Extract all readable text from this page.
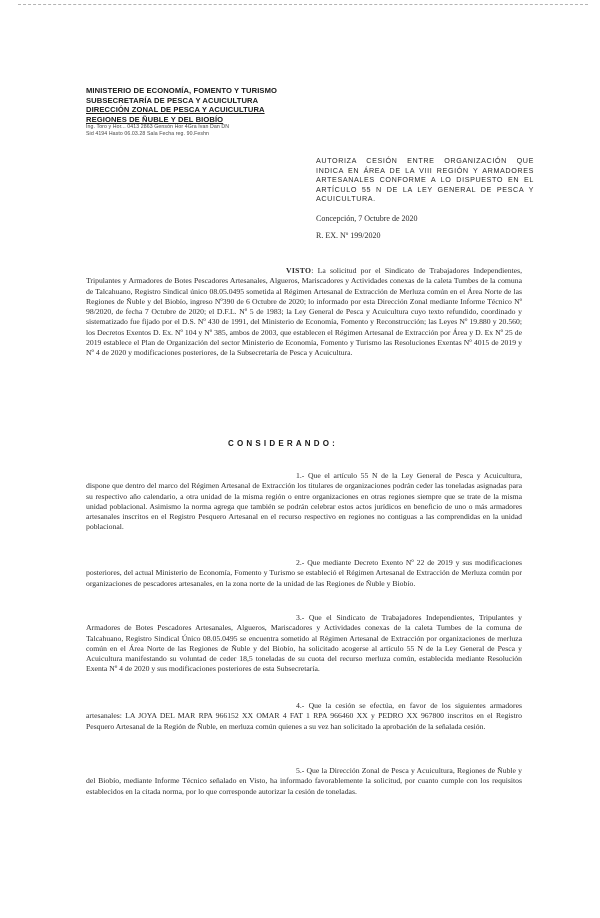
MINISTERIO DE ECONOMÍA, FOMENTO Y TURISMO
SUBSECRETARÍA DE PESCA Y ACUICULTURA
DIRECCIÓN ZONAL DE PESCA Y ACUICULTURA
REGIONES DE ÑUBLE Y DEL BIOBÍO
Ing. Toro y Hor... 0413 2863 Gensón Hor 4Gra Ivan Dan DN
Sid 4194 Hasto 06.03.28 Sala Fecha reg. 90.Feshn
AUTORIZA CESIÓN ENTRE ORGANIZACIÓN QUE INDICA EN ÁREA DE LA VIII REGIÓN Y ARMADORES ARTESANALES CONFORME A LO DISPUESTO EN EL ARTÍCULO 55 N DE LA LEY GENERAL DE PESCA Y ACUICULTURA.
Concepción, 7 Octubre de 2020
R. EX. Nº 199/2020
VISTO: La solicitud por el Sindicato de Trabajadores Independientes, Tripulantes y Armadores de Botes Pescadores Artesanales, Algueros, Mariscadores y Actividades conexas de la caleta Tumbes de la comuna de Talcahuano, Registro Sindical único 08.05.0495 sometida al Régimen Artesanal de Extracción de Merluza común en el Área Norte de las Regiones de Ñuble y del Biobío, ingreso Nº390 de 6 Octubre de 2020; lo informado por esta Dirección Zonal mediante Informe Técnico Nº 98/2020, de fecha 7 Octubre de 2020; el D.F.L. Nº 5 de 1983; la Ley General de Pesca y Acuicultura cuyo texto refundido, coordinado y sistematizado fue fijado por el D.S. Nº 430 de 1991, del Ministerio de Economía, Fomento y Reconstrucción; las Leyes Nº 19.880 y 20.560; los Decretos Exentos D. Ex. Nº 104 y Nº 385, ambos de 2003, que establecen el Régimen Artesanal de Extracción por Área y D. Ex Nº 25 de 2019 establece el Plan de Organización del sector Ministerio de Economía, Fomento y Turismo las Resoluciones Exentas Nº 4015 de 2019 y Nº 4 de 2020 y modificaciones posteriores, de la Subsecretaría de Pesca y Acuicultura.
CONSIDERANDO:
1.- Que el artículo 55 N de la Ley General de Pesca y Acuicultura, dispone que dentro del marco del Régimen Artesanal de Extracción los titulares de organizaciones podrán ceder las toneladas asignadas para su respectivo año calendario, a otra unidad de la misma región o entre organizaciones en otras regiones siempre que se trate de la misma unidad poblacional. Asimismo la norma agrega que también se podrán celebrar estos actos jurídicos en beneficio de uno o más armadores artesanales inscritos en el Registro Pesquero Artesanal en el recurso respectivo en regiones no contiguas a las comprendidas en la unidad poblacional.
2.- Que mediante Decreto Exento Nº 22 de 2019 y sus modificaciones posteriores, del actual Ministerio de Economía, Fomento y Turismo se estableció el Régimen Artesanal de Extracción de Merluza común por organizaciones de pescadores artesanales, en la zona norte de la unidad de las Regiones de Ñuble y Biobío.
3.- Que el Sindicato de Trabajadores Independientes, Tripulantes y Armadores de Botes Pescadores Artesanales, Algueros, Mariscadores y Actividades conexas de la caleta Tumbes de la comuna de Talcahuano, Registro Sindical Único 08.05.0495 se encuentra sometido al Régimen Artesanal de Extracción por organizaciones de merluza común en el Área Norte de las Regiones de Ñuble y del Biobío, ha solicitado acogerse al artículo 55 N de la Ley General de Pesca y Acuicultura manifestando su voluntad de ceder 18,5 toneladas de su cuota del recurso merluza común, establecida mediante Resolución Exenta Nº 4 de 2020 y sus modificaciones posteriores de esta Subsecretaría.
4.- Que la cesión se efectúa, en favor de los siguientes armadores artesanales: LA JOYA DEL MAR RPA 966152 XX OMAR 4 FAT 1 RPA 966460 XX y PEDRO XX 967800 inscritos en el Registro Pesquero Artesanal de la Región de Ñuble, en merluza común quienes a su vez han solicitado la aprobación de la señalada cesión.
5.- Que la Dirección Zonal de Pesca y Acuicultura, Regiones de Ñuble y del Biobío, mediante Informe Técnico señalado en Visto, ha informado favorablemente la solicitud, por cuanto cumple con los requisitos establecidos en la citada norma, por lo que corresponde autorizar la cesión de toneladas.
